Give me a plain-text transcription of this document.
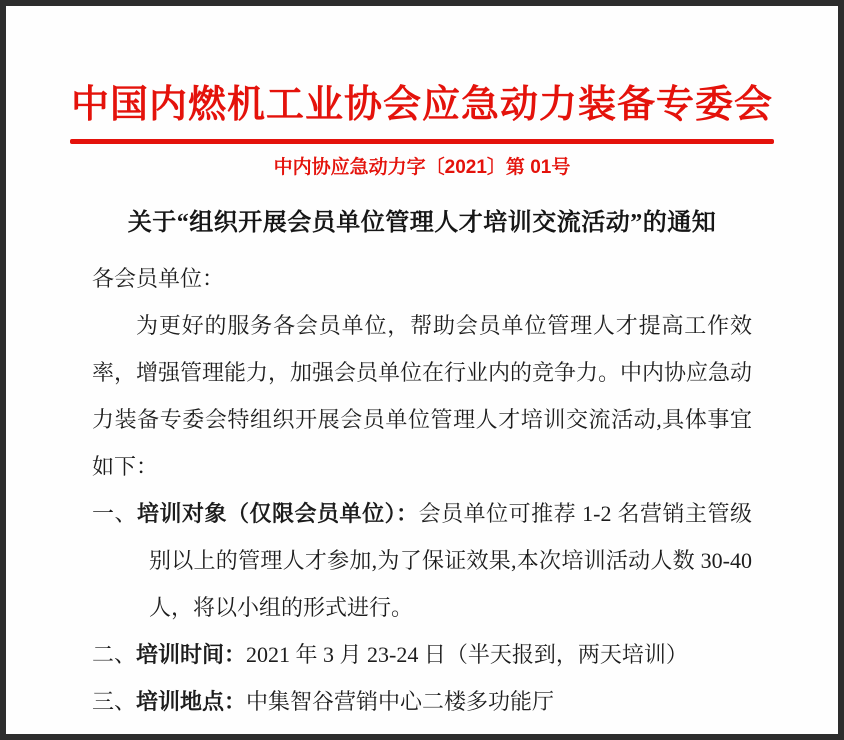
中国内燃机工业协会应急动力装备专委会
中内协应急动力字〔2021〕第 01号
关于“组织开展会员单位管理人才培训交流活动”的通知
各会员单位：
为更好的服务各会员单位，帮助会员单位管理人才提高工作效
率，增强管理能力，加强会员单位在行业内的竞争力。中内协应急动
力装备专委会特组织开展会员单位管理人才培训交流活动,具体事宜
如下：
一、培训对象（仅限会员单位）：会员单位可推荐 1-2 名营销主管级
别以上的管理人才参加,为了保证效果,本次培训活动人数 30-40
人，将以小组的形式进行。
二、培训时间：2021 年 3 月 23-24 日（半天报到，两天培训）
三、培训地点：中集智谷营销中心二楼多功能厅
